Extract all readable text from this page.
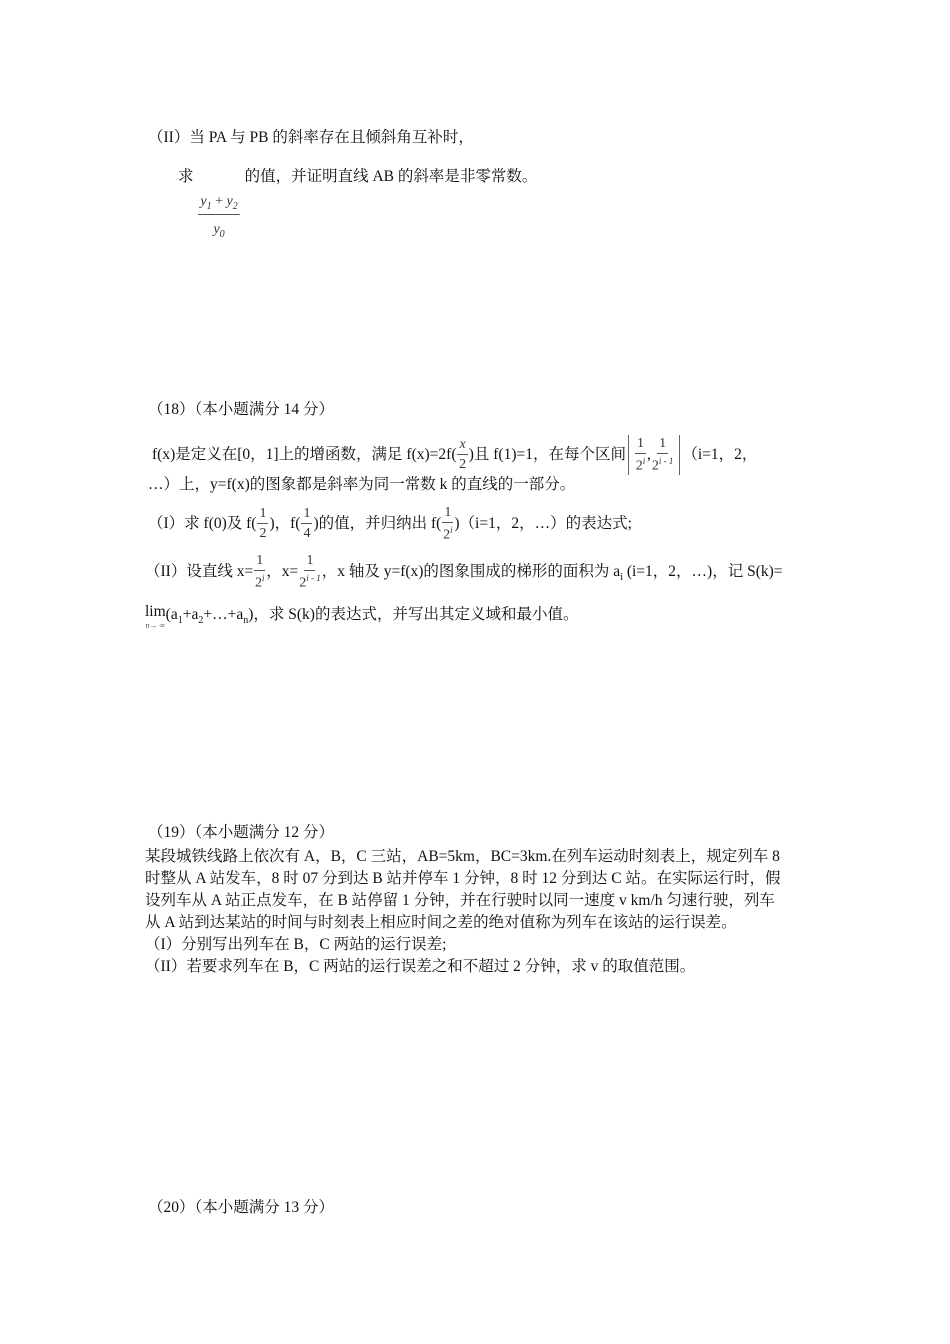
（II）当 PA 与 PB 的斜率存在且倾斜角互补时，
求
$\frac{y_1 + y_2}{y_0}$
的值，并证明直线 AB 的斜率是非零常数。
（18）（本小题满分 14 分）
f(x)是定义在[0，1]上的增函数，满足 $f(x)=2f( \frac{x}{2}$ )且 f(1)=1，在每个区间 $\frac{1}{2^i}$ , $\frac{1}{2^{i - 1}} (i=1$，2，
…）上，y=f(x)的图象都是斜率为同一常数 k 的直线的一部分。
（I）求 f(0)及 $f( \frac{1}{2}$ )，$f( \frac{1}{4}$ )的值，并归纳出 $f( \frac{1}{2^i} )(i=1$，2，…）的表达式;
（II）设直线 $x= \frac{1}{2^i}$ ，$x= \frac{1}{2^{i - 1}}$ ，x 轴及 y=f(x)的图象围成的梯形的面积为 $a_i$ (i=1，2，…)，记 S(k)=
lim
n→ ∞
$(a_1+a_2+\dots+a_n)$，求 S(k)的表达式，并写出其定义域和最小值。
（19）（本小题满分 12 分）
某段城铁线路上依次有 A，B，C 三站，AB=5km，BC=3km.在列车运动时刻表上，规定列车 8
时整从 A 站发车，8 时 07 分到达 B 站并停车 1 分钟，8 时 12 分到达 C 站。在实际运行时，假
设列车从 A 站正点发车，在 B 站停留 1 分钟，并在行驶时以同一速度 v km/h 匀速行驶，列车
从 A 站到达某站的时间与时刻表上相应时间之差的绝对值称为列车在该站的运行误差。
（I）分别写出列车在 B，C 两站的运行误差;
（II）若要求列车在 B，C 两站的运行误差之和不超过 2 分钟，求 v 的取值范围。
（20）（本小题满分 13 分）
